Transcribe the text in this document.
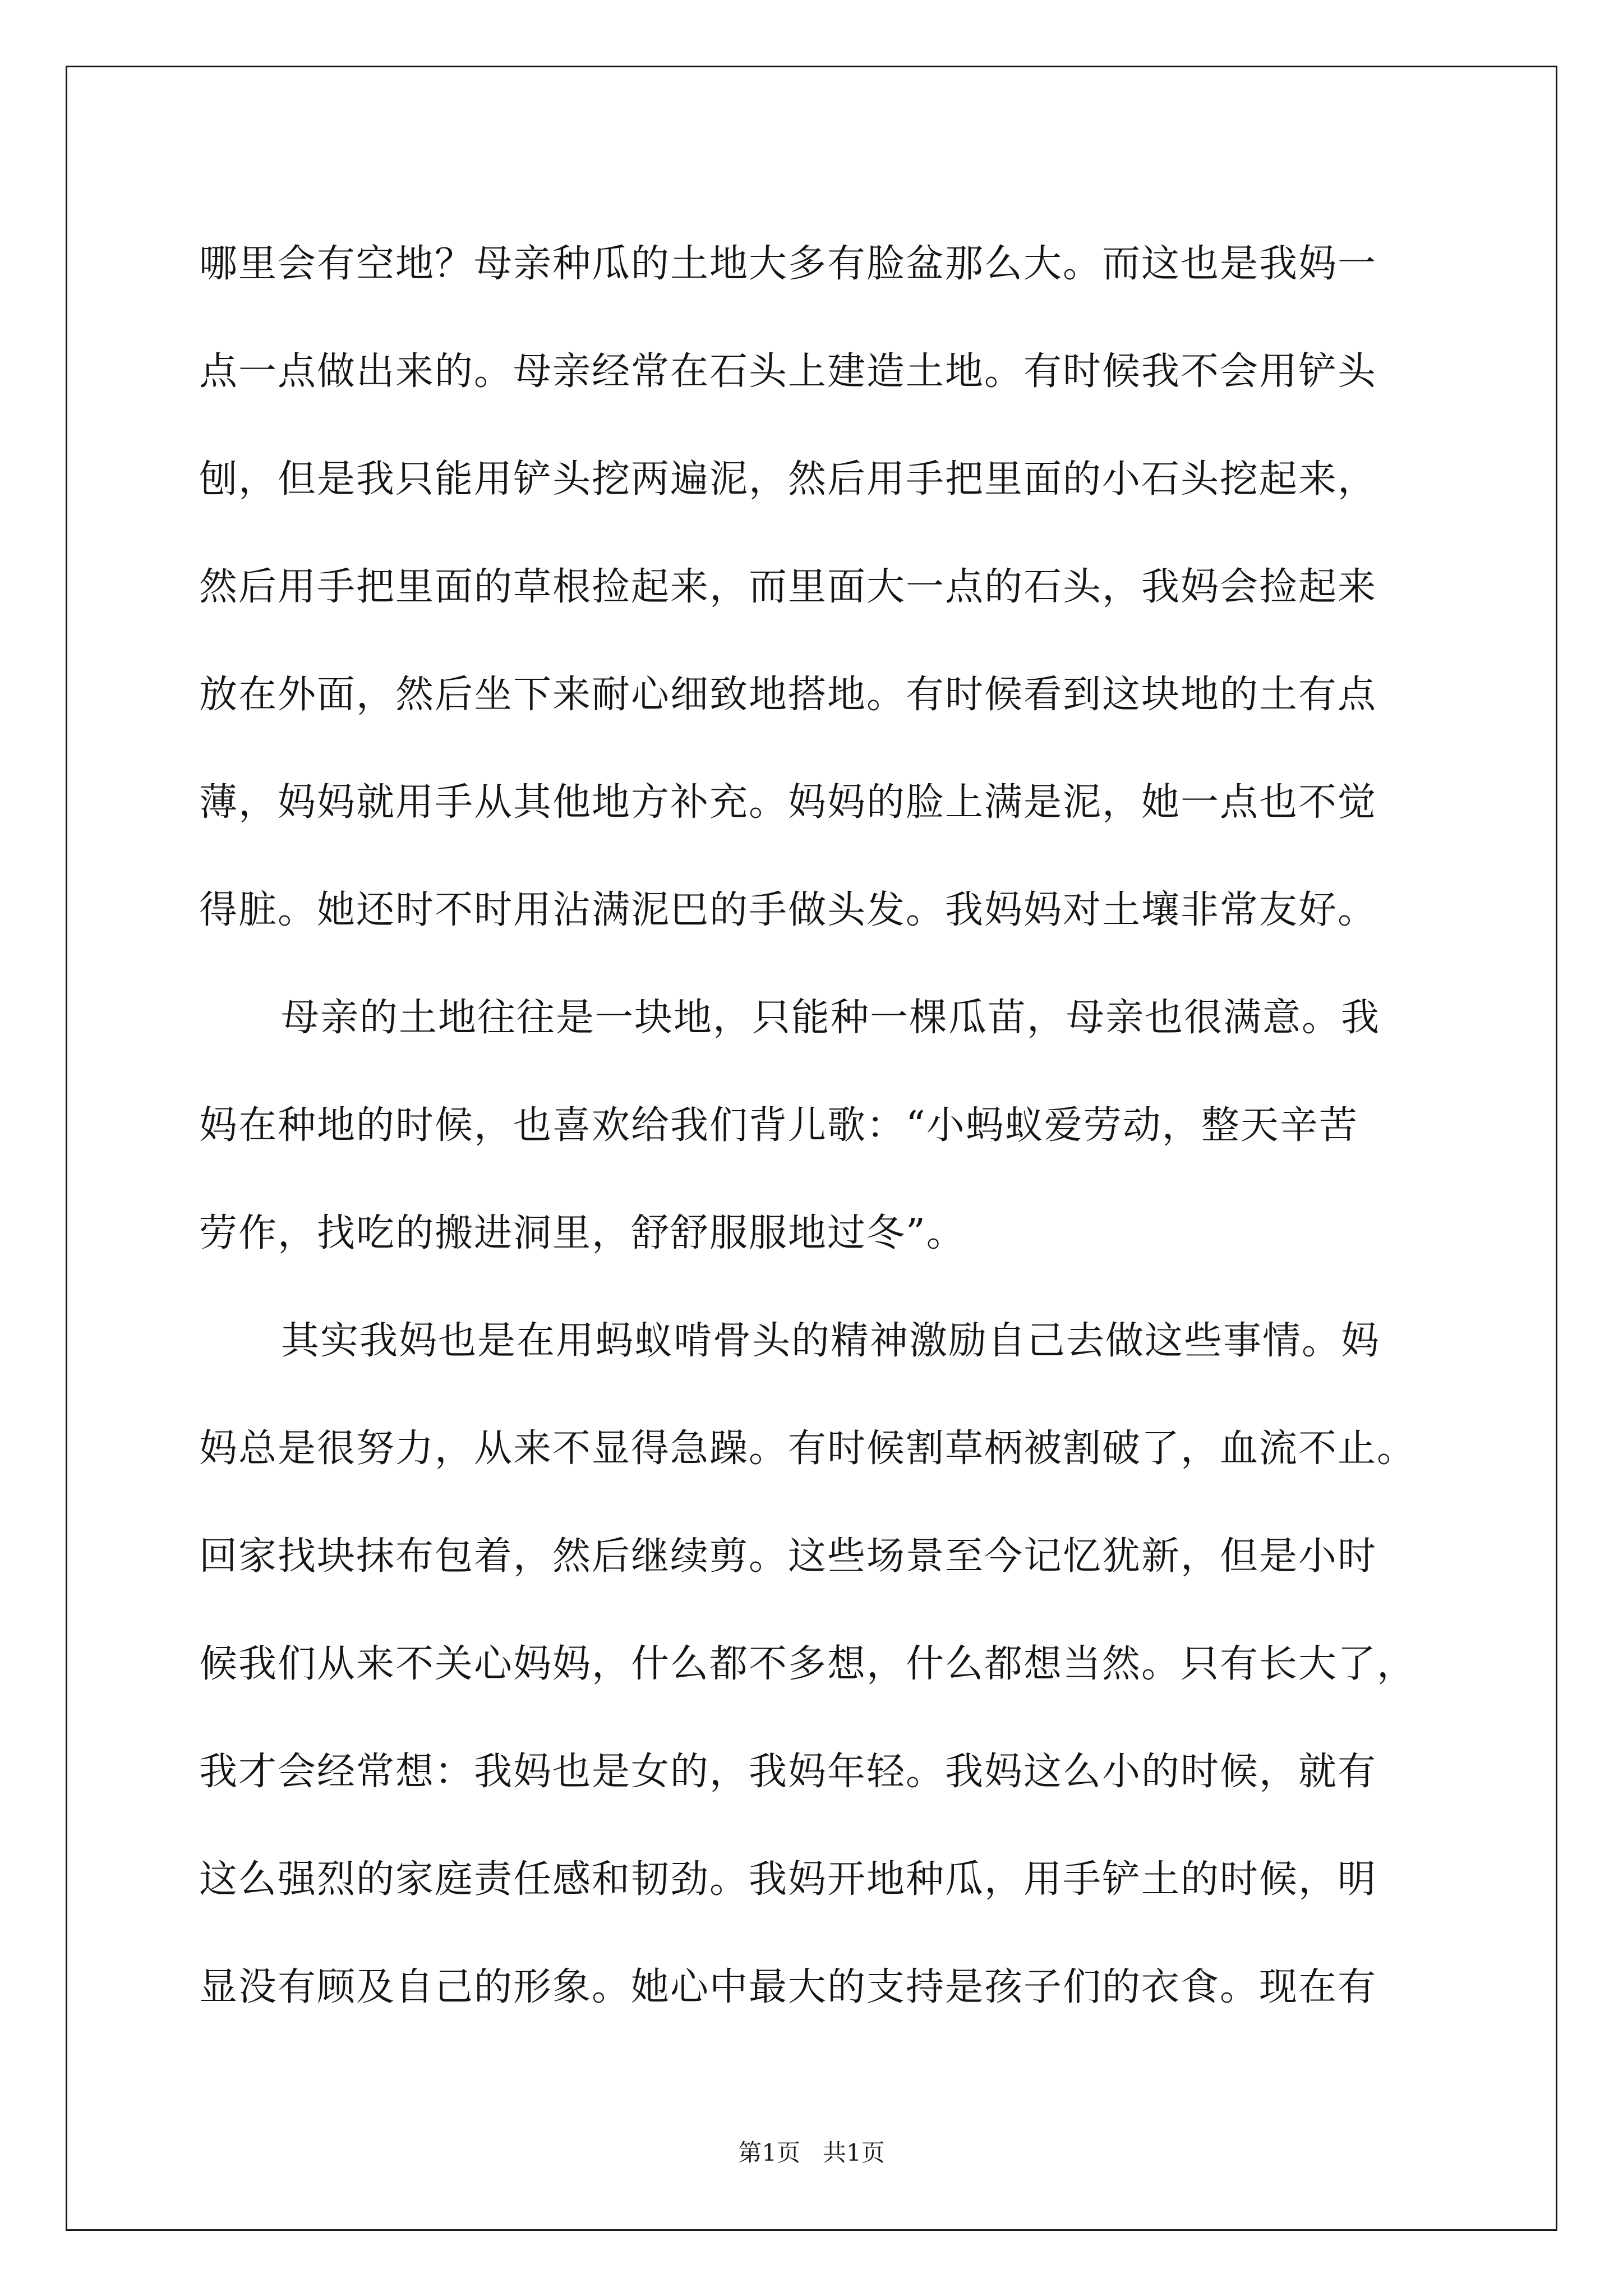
哪里会有空地？母亲种瓜的土地大多有脸盆那么大。而这也是我妈一
点一点做出来的。母亲经常在石头上建造土地。有时候我不会用铲头
刨，但是我只能用铲头挖两遍泥，然后用手把里面的小石头挖起来，
然后用手把里面的草根捡起来，而里面大一点的石头，我妈会捡起来
放在外面，然后坐下来耐心细致地搭地。有时候看到这块地的土有点
薄，妈妈就用手从其他地方补充。妈妈的脸上满是泥，她一点也不觉
得脏。她还时不时用沾满泥巴的手做头发。我妈妈对土壤非常友好。
母亲的土地往往是一块地，只能种一棵瓜苗，母亲也很满意。我
妈在种地的时候，也喜欢给我们背儿歌：“小蚂蚁爱劳动，整天辛苦
劳作，找吃的搬进洞里，舒舒服服地过冬”。
其实我妈也是在用蚂蚁啃骨头的精神激励自己去做这些事情。妈
妈总是很努力，从来不显得急躁。有时候割草柄被割破了，血流不止。
回家找块抹布包着，然后继续剪。这些场景至今记忆犹新，但是小时
候我们从来不关心妈妈，什么都不多想，什么都想当然。只有长大了，
我才会经常想：我妈也是女的，我妈年轻。我妈这么小的时候，就有
这么强烈的家庭责任感和韧劲。我妈开地种瓜，用手铲土的时候，明
显没有顾及自己的形象。她心中最大的支持是孩子们的衣食。现在有
第1页   共1页
